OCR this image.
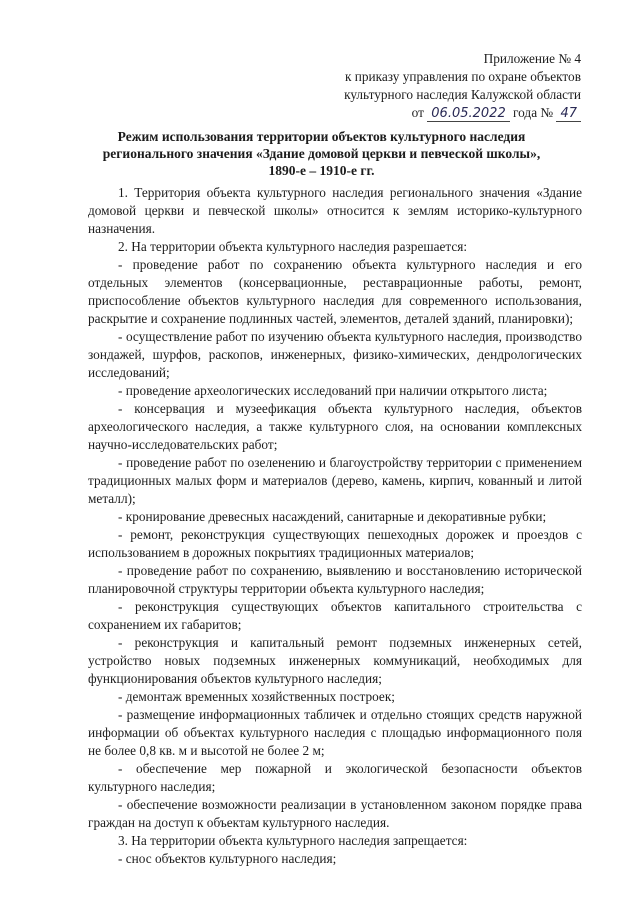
Приложение № 4
к приказу управления по охране объектов
культурного наследия Калужской области
от 06.05.2022 года № 47
Режим использования территории объектов культурного наследия
регионального значения «Здание домовой церкви и певческой школы»,
1890-е – 1910-е гг.

1. Территория объекта культурного наследия регионального значения «Здание домовой церкви и певческой школы» относится к землям историко-культурного назначения.

2. На территории объекта культурного наследия разрешается:

- проведение работ по сохранению объекта культурного наследия и его отдельных элементов (консервационные, реставрационные работы, ремонт, приспособление объектов культурного наследия для современного использования, раскрытие и сохранение подлинных частей, элементов, деталей зданий, планировки);

- осуществление работ по изучению объекта культурного наследия, производство зондажей, шурфов, раскопов, инженерных, физико-химических, дендрологических исследований;

- проведение археологических исследований при наличии открытого листа;

- консервация и музеефикация объекта культурного наследия, объектов археологического наследия, а также культурного слоя, на основании комплексных научно-исследовательских работ;

- проведение работ по озеленению и благоустройству территории с применением традиционных малых форм и материалов (дерево, камень, кирпич, кованный и литой металл);

- кронирование древесных насаждений, санитарные и декоративные рубки;

- ремонт, реконструкция существующих пешеходных дорожек и проездов с использованием в дорожных покрытиях традиционных материалов;

- проведение работ по сохранению, выявлению и восстановлению исторической планировочной структуры территории объекта культурного наследия;

- реконструкция существующих объектов капитального строительства с сохранением их габаритов;

- реконструкция и капитальный ремонт подземных инженерных сетей, устройство новых подземных инженерных коммуникаций, необходимых для функционирования объектов культурного наследия;

- демонтаж временных хозяйственных построек;

- размещение информационных табличек и отдельно стоящих средств наружной информации об объектах культурного наследия с площадью информационного поля не более 0,8 кв. м и высотой не более 2 м;

- обеспечение мер пожарной и экологической безопасности объектов культурного наследия;

- обеспечение возможности реализации в установленном законом порядке права граждан на доступ к объектам культурного наследия.

3. На территории объекта культурного наследия запрещается:

- снос объектов культурного наследия;
